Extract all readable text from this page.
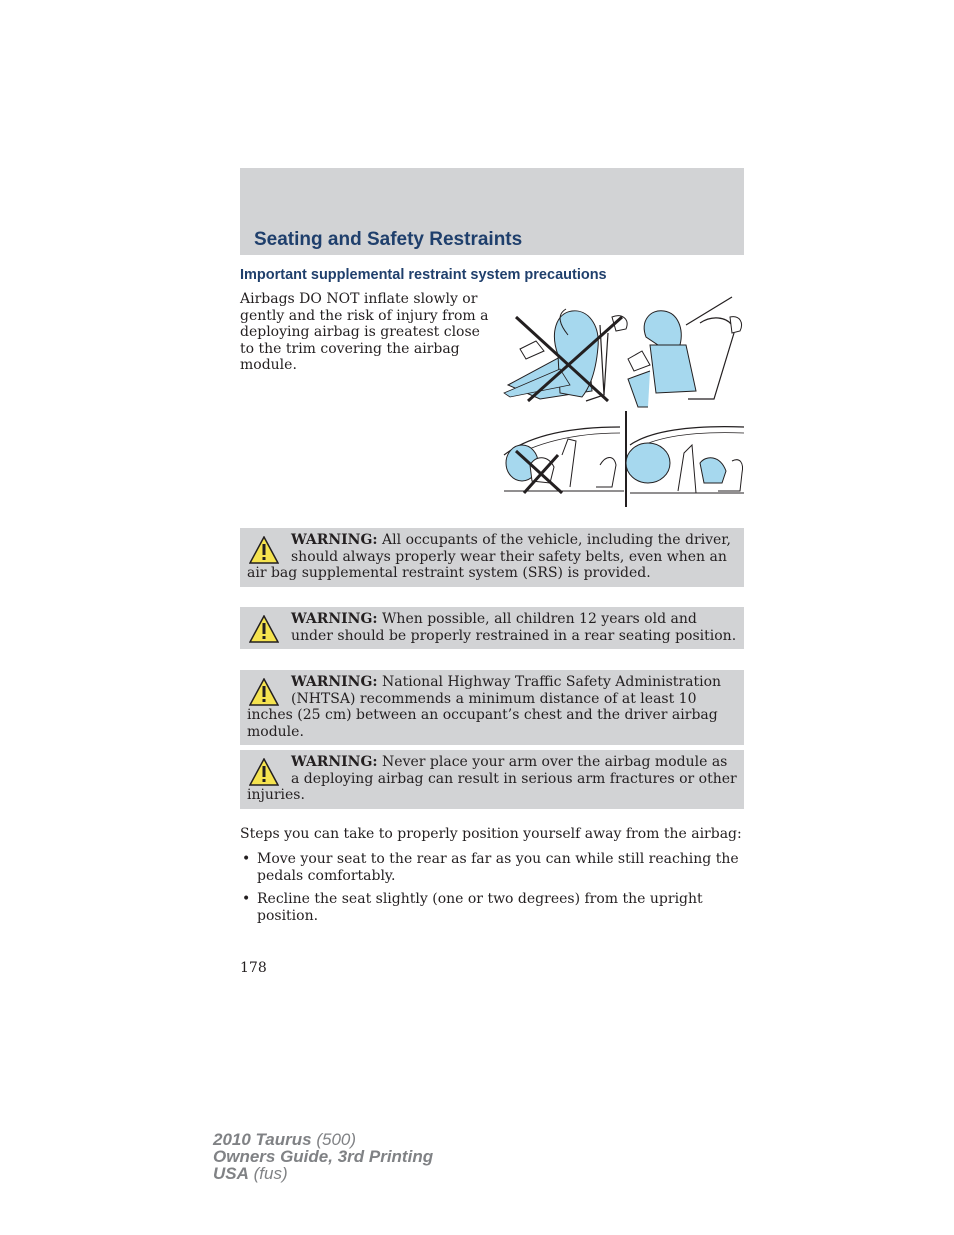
Seating and Safety Restraints
Important supplemental restraint system precautions

Airbags DO NOT inflate slowly or gently and the risk of injury from a deploying airbag is greatest close to the trim covering the airbag module.

WARNING: All occupants of the vehicle, including the driver, should always properly wear their safety belts, even when an air bag supplemental restraint system (SRS) is provided.
WARNING: When possible, all children 12 years old and under should be properly restrained in a rear seating position.
WARNING: National Highway Traffic Safety Administration (NHTSA) recommends a minimum distance of at least 10 inches (25 cm) between an occupant’s chest and the driver airbag module.
WARNING: Never place your arm over the airbag module as a deploying airbag can result in serious arm fractures or other injuries.

Steps you can take to properly position yourself away from the airbag:

• Move your seat to the rear as far as you can while still reaching the pedals comfortably.
• Recline the seat slightly (one or two degrees) from the upright position.
178
2010 Taurus (500)
Owners Guide, 3rd Printing
USA (fus)
